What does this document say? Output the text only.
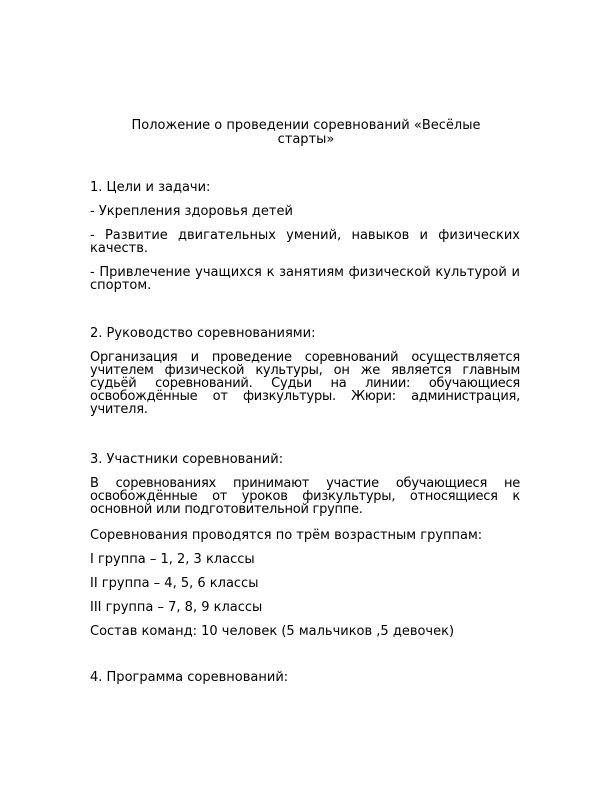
Положение о проведении соревнований «Весёлые старты»

1. Цели и задачи:

- Укрепления здоровья детей

- Развитие двигательных умений, навыков и физических качеств.

- Привлечение учащихся к занятиям физической культурой и спортом.

2. Руководство соревнованиями:

Организация и проведение соревнований осуществляется учителем физической культуры, он же является главным судьёй соревнований. Судьи на линии: обучающиеся освобождённые от физкультуры. Жюри: администрация, учителя.

3. Участники соревнований:

В соревнованиях принимают участие обучающиеся не освобождённые от уроков физкультуры, относящиеся к основной или подготовительной группе.

Соревнования проводятся по трём возрастным группам:

I группа – 1, 2, 3 классы

II группа – 4, 5, 6 классы

III группа – 7, 8, 9 классы

Состав команд: 10 человек (5 мальчиков ,5 девочек)

4. Программа соревнований:
